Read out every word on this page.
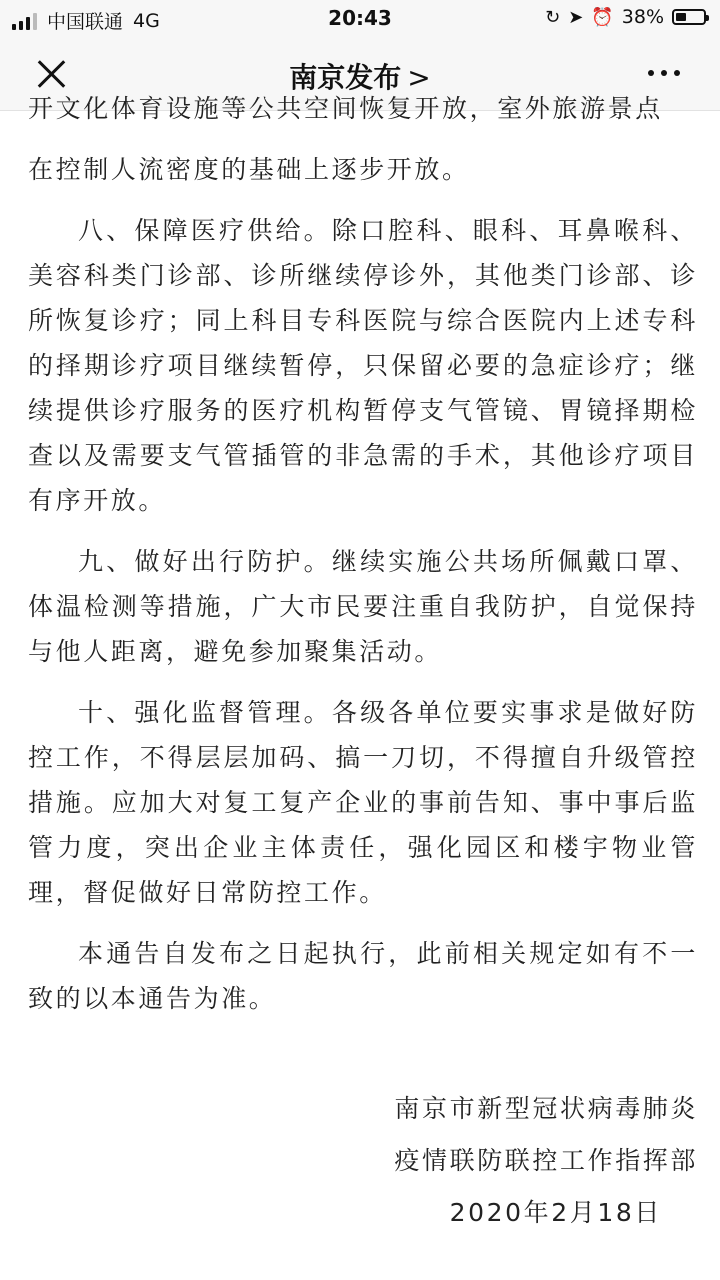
中国联通 4G	20:43	↻ ➤ ⏰ 38%
南京发布 >

开文化体育设施等公共空间恢复开放，室外旅游景点

在控制人流密度的基础上逐步开放。

八、保障医疗供给。除口腔科、眼科、耳鼻喉科、美容科类门诊部、诊所继续停诊外，其他类门诊部、诊所恢复诊疗；同上科目专科医院与综合医院内上述专科的择期诊疗项目继续暂停，只保留必要的急症诊疗；继续提供诊疗服务的医疗机构暂停支气管镜、胃镜择期检查以及需要支气管插管的非急需的手术，其他诊疗项目有序开放。

九、做好出行防护。继续实施公共场所佩戴口罩、体温检测等措施，广大市民要注重自我防护，自觉保持与他人距离，避免参加聚集活动。

十、强化监督管理。各级各单位要实事求是做好防控工作，不得层层加码、搞一刀切，不得擅自升级管控措施。应加大对复工复产企业的事前告知、事中事后监管力度，突出企业主体责任，强化园区和楼宇物业管理，督促做好日常防控工作。

本通告自发布之日起执行，此前相关规定如有不一致的以本通告为准。

南京市新型冠状病毒肺炎
疫情联防联控工作指挥部
2020年2月18日
